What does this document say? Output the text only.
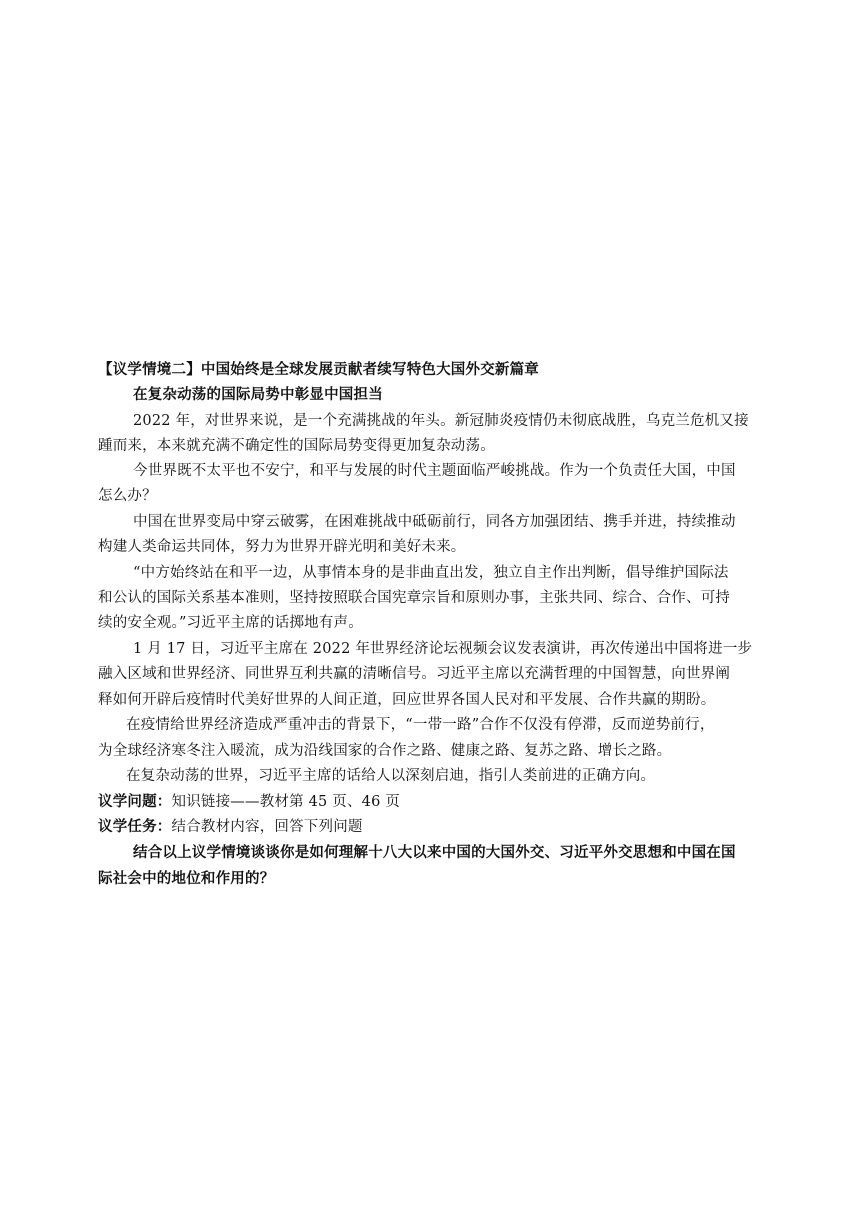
【议学情境二】中国始终是全球发展贡献者续写特色大国外交新篇章
在复杂动荡的国际局势中彰显中国担当
2022 年，对世界来说，是一个充满挑战的年头。新冠肺炎疫情仍未彻底战胜，乌克兰危机又接
踵而来，本来就充满不确定性的国际局势变得更加复杂动荡。
今世界既不太平也不安宁，和平与发展的时代主题面临严峻挑战。作为一个负责任大国，中国
怎么办？
中国在世界变局中穿云破雾，在困难挑战中砥砺前行，同各方加强团结、携手并进，持续推动
构建人类命运共同体，努力为世界开辟光明和美好未来。
“中方始终站在和平一边，从事情本身的是非曲直出发，独立自主作出判断，倡导维护国际法
和公认的国际关系基本准则，坚持按照联合国宪章宗旨和原则办事，主张共同、综合、合作、可持
续的安全观。”习近平主席的话掷地有声。
1 月 17 日，习近平主席在 2022 年世界经济论坛视频会议发表演讲，再次传递出中国将进一步
融入区域和世界经济、同世界互利共赢的清晰信号。习近平主席以充满哲理的中国智慧，向世界阐
释如何开辟后疫情时代美好世界的人间正道，回应世界各国人民对和平发展、合作共赢的期盼。
在疫情给世界经济造成严重冲击的背景下，“一带一路”合作不仅没有停滞，反而逆势前行，
为全球经济寒冬注入暖流，成为沿线国家的合作之路、健康之路、复苏之路、增长之路。
在复杂动荡的世界，习近平主席的话给人以深刻启迪，指引人类前进的正确方向。
议学问题：知识链接——教材第 45 页、46 页
议学任务：结合教材内容，回答下列问题
结合以上议学情境谈谈你是如何理解十八大以来中国的大国外交、习近平外交思想和中国在国
际社会中的地位和作用的？
